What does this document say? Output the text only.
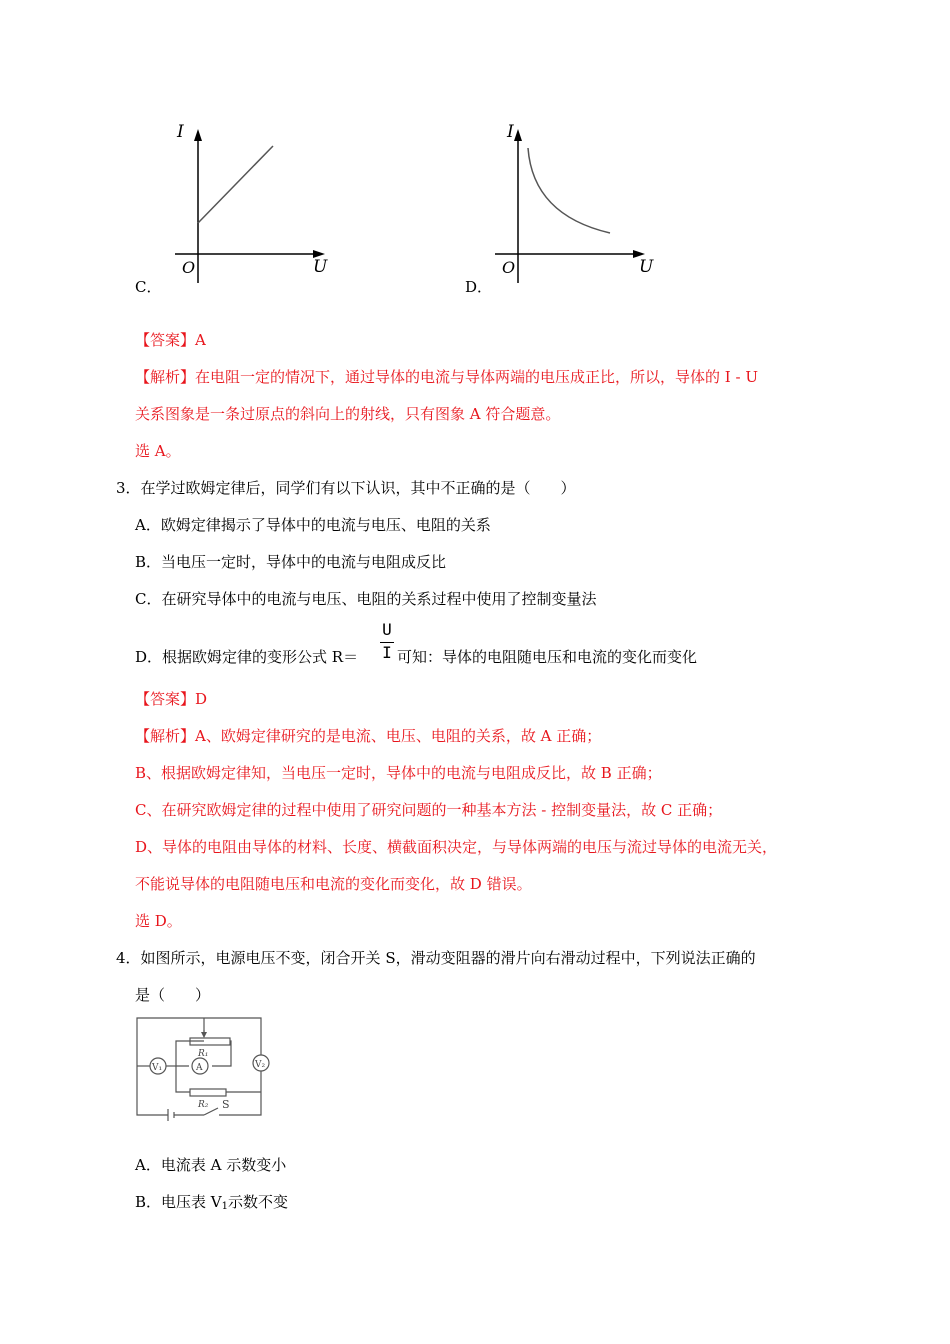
I
U
O
C．
I
U
O
D．
【答案】A
【解析】在电阻一定的情况下，通过导体的电流与导体两端的电压成正比，所以，导体的 I - U
关系图象是一条过原点的斜向上的射线，只有图象 A 符合题意。
选 A。
3．在学过欧姆定律后，同学们有以下认识，其中不正确的是（　　）
A．欧姆定律揭示了导体中的电流与电压、电阻的关系
B．当电压一定时，导体中的电流与电阻成反比
C．在研究导体中的电流与电压、电阻的关系过程中使用了控制变量法
D．根据欧姆定律的变形公式 R＝
U
I 可知：导体的电阻随电压和电流的变化而变化
【答案】D
【解析】A、欧姆定律研究的是电流、电压、电阻的关系，故 A 正确；
B、根据欧姆定律知，当电压一定时，导体中的电流与电阻成反比，故 B 正确；
C、在研究欧姆定律的过程中使用了研究问题的一种基本方法 - 控制变量法，故 C 正确；
D、导体的电阻由导体的材料、长度、横截面积决定，与导体两端的电压与流过导体的电流无关，
不能说导体的电阻随电压和电流的变化而变化，故 D 错误。
选 D。
4．如图所示，电源电压不变，闭合开关 S，滑动变阻器的滑片向右滑动过程中，下列说法正确的
是（　　）
V₁	A	V₂
R₁
R₂ S
A．电流表 A 示数变小
B．电压表 $V_1$示数不变
